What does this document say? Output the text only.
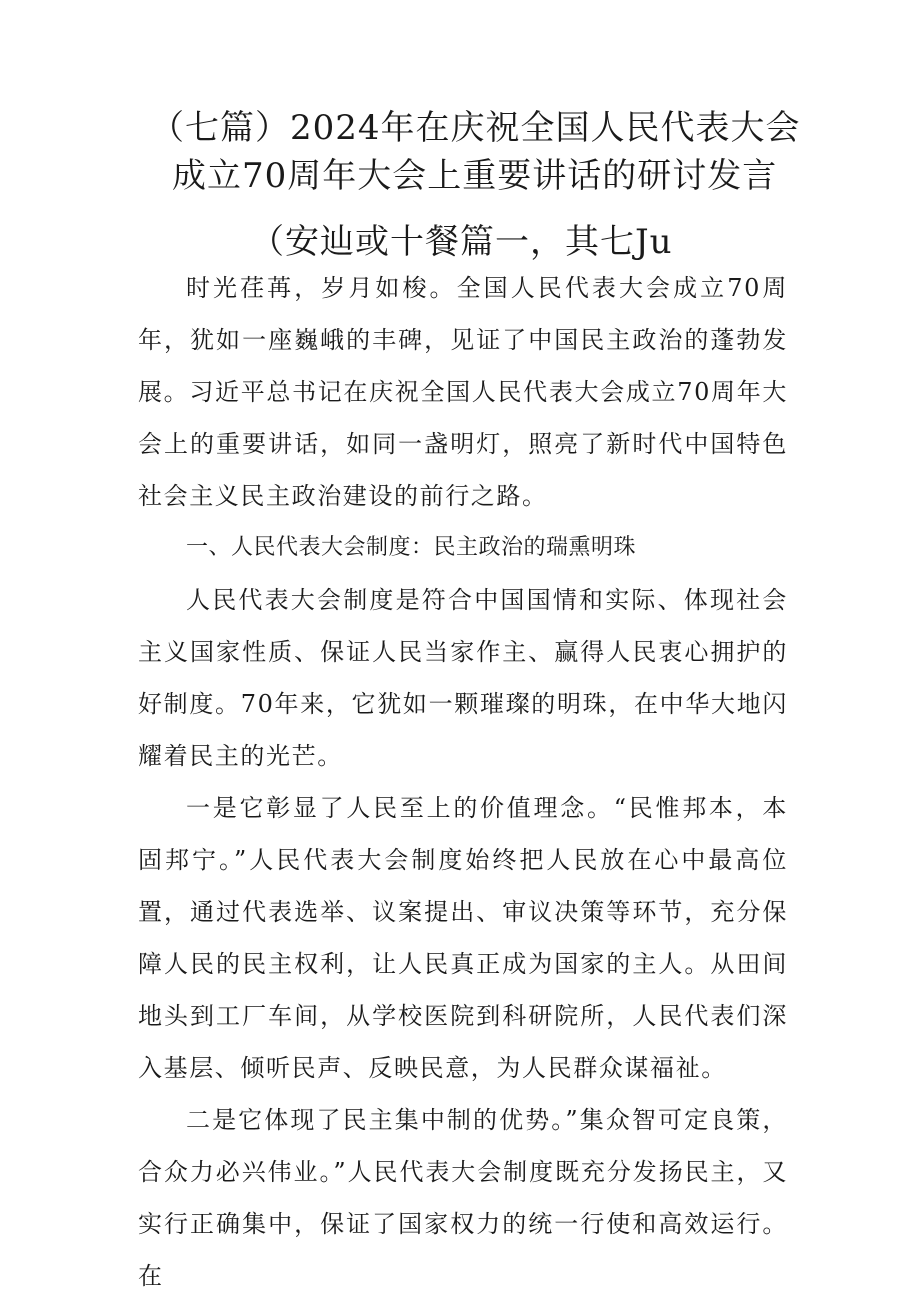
（七篇）2024年在庆祝全国人民代表大会
成立70周年大会上重要讲话的研讨发言
（安辿或十餐篇一，其七Ju

时光荏苒，岁月如梭。全国人民代表大会成立70周年，犹如一座巍峨的丰碑，见证了中国民主政治的蓬勃发展。习近平总书记在庆祝全国人民代表大会成立70周年大会上的重要讲话，如同一盏明灯，照亮了新时代中国特色社会主义民主政治建设的前行之路。

一、人民代表大会制度：民主政治的瑞熏明珠

人民代表大会制度是符合中国国情和实际、体现社会主义国家性质、保证人民当家作主、赢得人民衷心拥护的好制度。70年来，它犹如一颗璀璨的明珠，在中华大地闪耀着民主的光芒。

一是它彰显了人民至上的价值理念。“民惟邦本，本固邦宁。”人民代表大会制度始终把人民放在心中最高位置，通过代表选举、议案提出、审议决策等环节，充分保障人民的民主权利，让人民真正成为国家的主人。从田间地头到工厂车间，从学校医院到科研院所，人民代表们深入基层、倾听民声、反映民意，为人民群众谋福祉。

二是它体现了民主集中制的优势。”集众智可定良策，合众力必兴伟业。”人民代表大会制度既充分发扬民主，又实行正确集中，保证了国家权力的统一行使和高效运行。在
